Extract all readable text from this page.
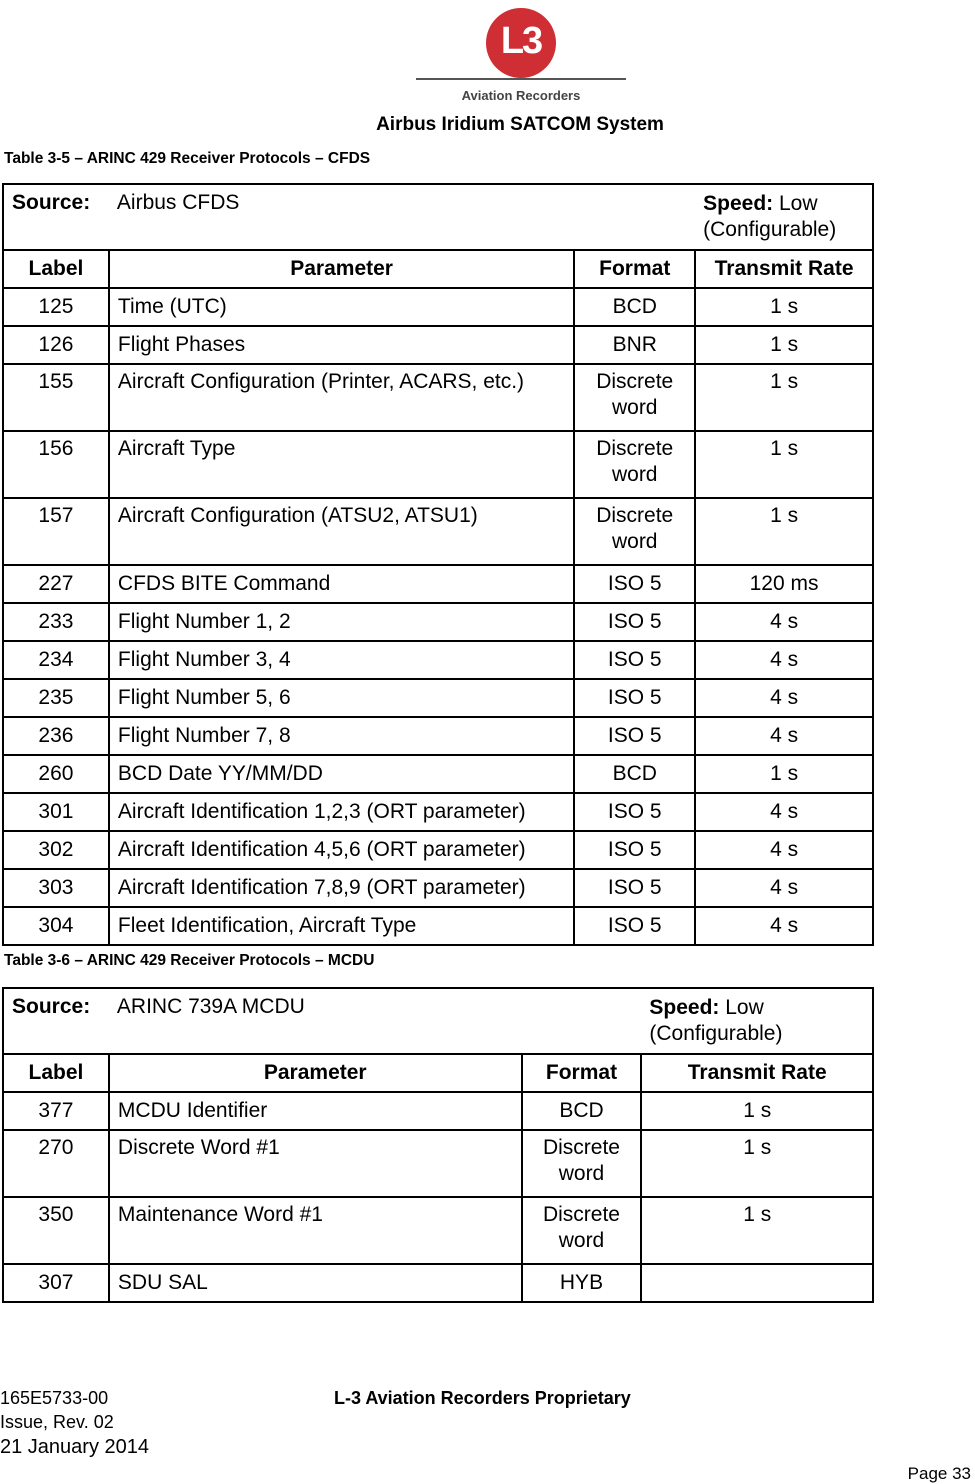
L3
Aviation Recorders
Airbus Iridium SATCOM System
Table 3-5 – ARINC 429 Receiver Protocols – CFDS
Source:	Airbus CFDS		Speed: Low
(Configurable)
Label	Parameter	Format	Transmit Rate
125	Time (UTC)	BCD	1 s
126	Flight Phases	BNR	1 s
155	Aircraft Configuration (Printer, ACARS, etc.)	Discrete word	1 s
156	Aircraft Type	Discrete word	1 s
157	Aircraft Configuration (ATSU2, ATSU1)	Discrete word	1 s
227	CFDS BITE Command	ISO 5	120 ms
233	Flight Number 1, 2	ISO 5	4 s
234	Flight Number 3, 4	ISO 5	4 s
235	Flight Number 5, 6	ISO 5	4 s
236	Flight Number 7, 8	ISO 5	4 s
260	BCD Date YY/MM/DD	BCD	1 s
301	Aircraft Identification 1,2,3 (ORT parameter)	ISO 5	4 s
302	Aircraft Identification 4,5,6 (ORT parameter)	ISO 5	4 s
303	Aircraft Identification 7,8,9 (ORT parameter)	ISO 5	4 s
304	Fleet Identification, Aircraft Type	ISO 5	4 s
Table 3-6 – ARINC 429 Receiver Protocols – MCDU
Source:	ARINC 739A MCDU		Speed: Low
(Configurable)
Label	Parameter	Format	Transmit Rate
377	MCDU Identifier	BCD	1 s
270	Discrete Word #1	Discrete word	1 s
350	Maintenance Word #1	Discrete word	1 s
307	SDU SAL	HYB	
165E5733-00
Issue, Rev. 02
21 January 2014
L-3 Aviation Recorders Proprietary
Page 33
